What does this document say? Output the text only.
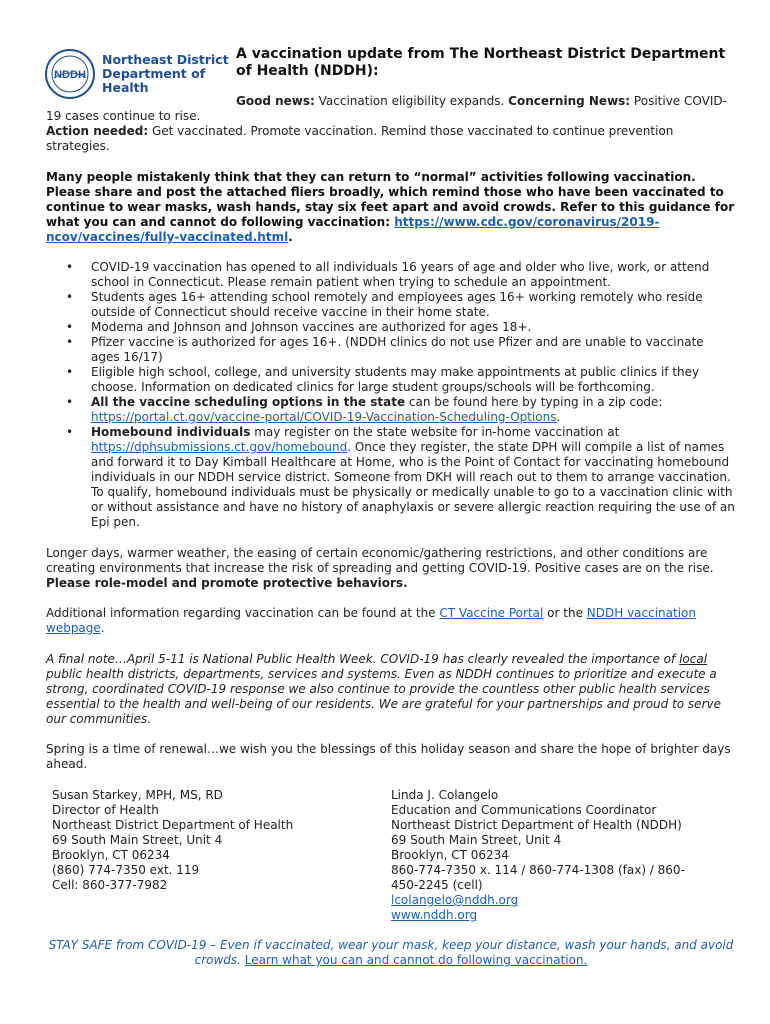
NDDH
Northeast District
Department of Health
A vaccination update from The Northeast District Department of Health (NDDH):

Good news: Vaccination eligibility expands. Concerning News: Positive COVID-19 cases continue to rise.

Action needed: Get vaccinated. Promote vaccination. Remind those vaccinated to continue prevention strategies.

Many people mistakenly think that they can return to “normal” activities following vaccination. Please share and post the attached fliers broadly, which remind those who have been vaccinated to continue to wear masks, wash hands, stay six feet apart and avoid crowds. Refer to this guidance for what you can and cannot do following vaccination: https://www.cdc.gov/coronavirus/2019-ncov/vaccines/fully-vaccinated.html.

• COVID-19 vaccination has opened to all individuals 16 years of age and older who live, work, or attend school in Connecticut. Please remain patient when trying to schedule an appointment.
• Students ages 16+ attending school remotely and employees ages 16+ working remotely who reside outside of Connecticut should receive vaccine in their home state.
• Moderna and Johnson and Johnson vaccines are authorized for ages 18+.
• Pfizer vaccine is authorized for ages 16+. (NDDH clinics do not use Pfizer and are unable to vaccinate ages 16/17)
• Eligible high school, college, and university students may make appointments at public clinics if they choose. Information on dedicated clinics for large student groups/schools will be forthcoming.
• All the vaccine scheduling options in the state can be found here by typing in a zip code: https://portal.ct.gov/vaccine-portal/COVID-19-Vaccination-Scheduling-Options.
• Homebound individuals may register on the state website for in-home vaccination at https://dphsubmissions.ct.gov/homebound. Once they register, the state DPH will compile a list of names and forward it to Day Kimball Healthcare at Home, who is the Point of Contact for vaccinating homebound individuals in our NDDH service district. Someone from DKH will reach out to them to arrange vaccination. To qualify, homebound individuals must be physically or medically unable to go to a vaccination clinic with or without assistance and have no history of anaphylaxis or severe allergic reaction requiring the use of an Epi pen.

Longer days, warmer weather, the easing of certain economic/gathering restrictions, and other conditions are creating environments that increase the risk of spreading and getting COVID-19. Positive cases are on the rise. Please role-model and promote protective behaviors.

Additional information regarding vaccination can be found at the CT Vaccine Portal or the NDDH vaccination webpage.

A final note…April 5-11 is National Public Health Week. COVID-19 has clearly revealed the importance of local public health districts, departments, services and systems. Even as NDDH continues to prioritize and execute a strong, coordinated COVID-19 response we also continue to provide the countless other public health services essential to the health and well-being of our residents. We are grateful for your partnerships and proud to serve our communities.

Spring is a time of renewal…we wish you the blessings of this holiday season and share the hope of brighter days ahead.

Susan Starkey, MPH, MS, RD
Director of Health
Northeast District Department of Health
69 South Main Street, Unit 4
Brooklyn, CT 06234
(860) 774-7350 ext. 119
Cell: 860-377-7982
Linda J. Colangelo
Education and Communications Coordinator
Northeast District Department of Health (NDDH)
69 South Main Street, Unit 4
Brooklyn, CT 06234
860-774-7350 x. 114 / 860-774-1308 (fax) / 860-450-2245 (cell)
lcolangelo@nddh.org
www.nddh.org
STAY SAFE from COVID-19 – Even if vaccinated, wear your mask, keep your distance, wash your hands, and avoid crowds. Learn what you can and cannot do following vaccination.
